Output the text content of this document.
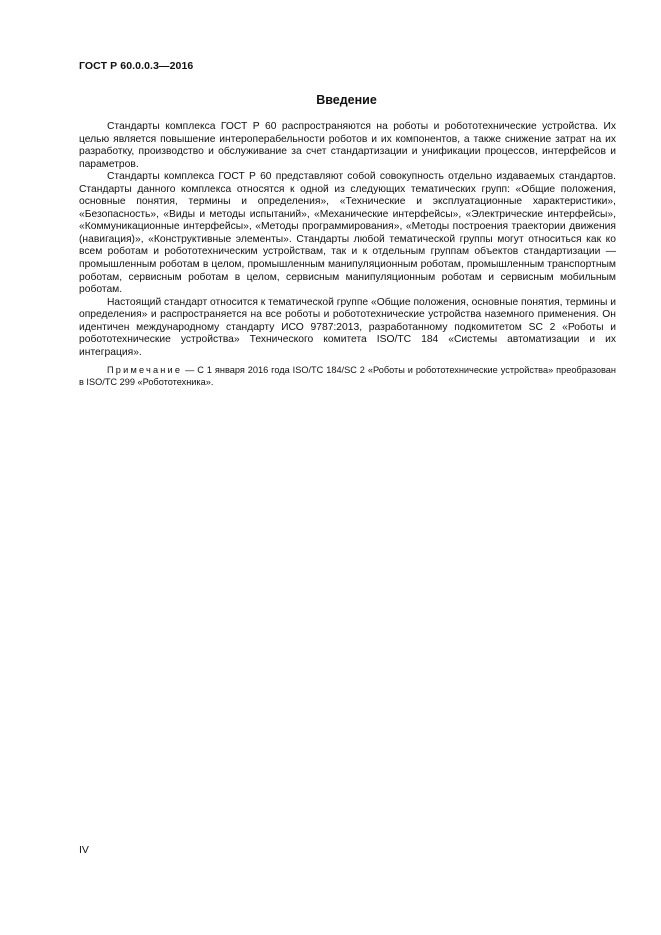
ГОСТ Р 60.0.0.3—2016
Введение

Стандарты комплекса ГОСТ Р 60 распространяются на роботы и робототехнические устройства. Их целью является повышение интероперабельности роботов и их компонентов, а также снижение затрат на их разработку, производство и обслуживание за счет стандартизации и унификации процессов, интерфейсов и параметров.

Стандарты комплекса ГОСТ Р 60 представляют собой совокупность отдельно издаваемых стандартов. Стандарты данного комплекса относятся к одной из следующих тематических групп: «Общие положения, основные понятия, термины и определения», «Технические и эксплуатационные характеристики», «Безопасность», «Виды и методы испытаний», «Механические интерфейсы», «Электрические интерфейсы», «Коммуникационные интерфейсы», «Методы программирования», «Методы построения траектории движения (навигация)», «Конструктивные элементы». Стандарты любой тематической группы могут относиться как ко всем роботам и робототехническим устройствам, так и к отдельным группам объектов стандартизации — промышленным роботам в целом, промышленным манипуляционным роботам, промышленным транспортным роботам, сервисным роботам в целом, сервисным манипуляционным роботам и сервисным мобильным роботам.

Настоящий стандарт относится к тематической группе «Общие положения, основные понятия, термины и определения» и распространяется на все роботы и робототехнические устройства наземного применения. Он идентичен международному стандарту ИСО 9787:2013, разработанному подкомитетом SC 2 «Роботы и робототехнические устройства» Технического комитета ISO/TC 184 «Системы автоматизации и их интеграция».

Примечание — С 1 января 2016 года ISO/TC 184/SC 2 «Роботы и робототехнические устройства» преобразован в ISO/TC 299 «Робототехника».

IV
